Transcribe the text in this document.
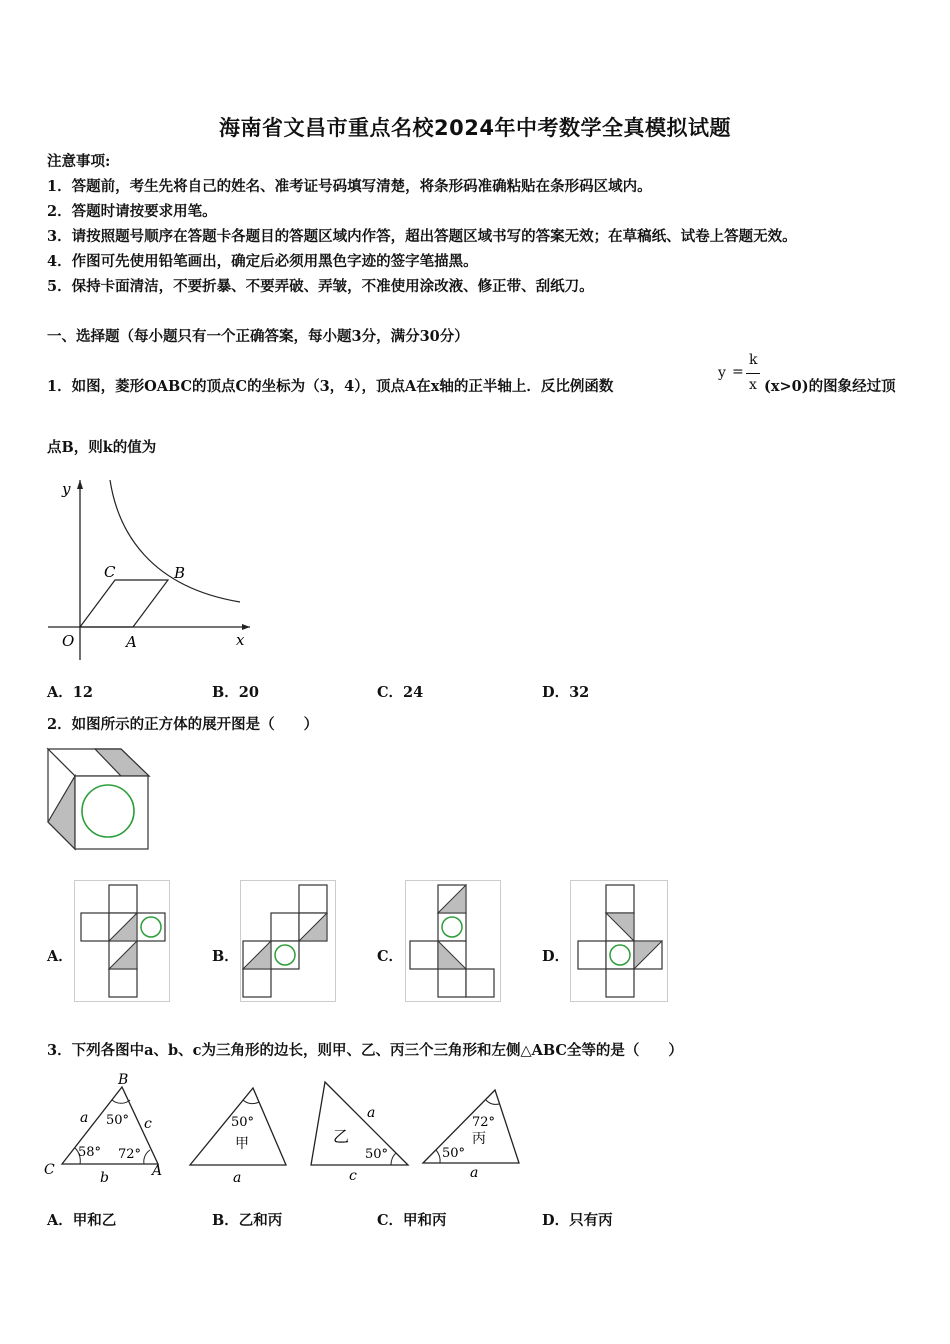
海南省文昌市重点名校2024年中考数学全真模拟试题
注意事项:
1．答题前，考生先将自己的姓名、准考证号码填写清楚，将条形码准确粘贴在条形码区域内。
2．答题时请按要求用笔。
3．请按照题号顺序在答题卡各题目的答题区域内作答，超出答题区域书写的答案无效；在草稿纸、试卷上答题无效。
4．作图可先使用铅笔画出，确定后必须用黑色字迹的签字笔描黑。
5．保持卡面清洁，不要折暴、不要弄破、弄皱，不准使用涂改液、修正带、刮纸刀。
一、选择题（每小题只有一个正确答案，每小题3分，满分30分）
1．如图，菱形OABC的顶点C的坐标为（3，4），顶点A在x轴的正半轴上．反比例函数
y =
k
x (x>0)的图象经过顶
点B，则k的值为
y
x
O	A
B
C
A．12	B．20	C．24	D．32
2．如图所示的正方体的展开图是（　　）
A．	B．	C．	D．
3．下列各图中a、b、c为三角形的边长，则甲、乙、丙三个三角形和左侧△ABC全等的是（　　）
B
C	A
a	c
b
50°
58° 72°
50°
甲
a
乙
a
50°
c
72°
丙
50°
a
A．甲和乙	B．乙和丙	C．甲和丙	D．只有丙
